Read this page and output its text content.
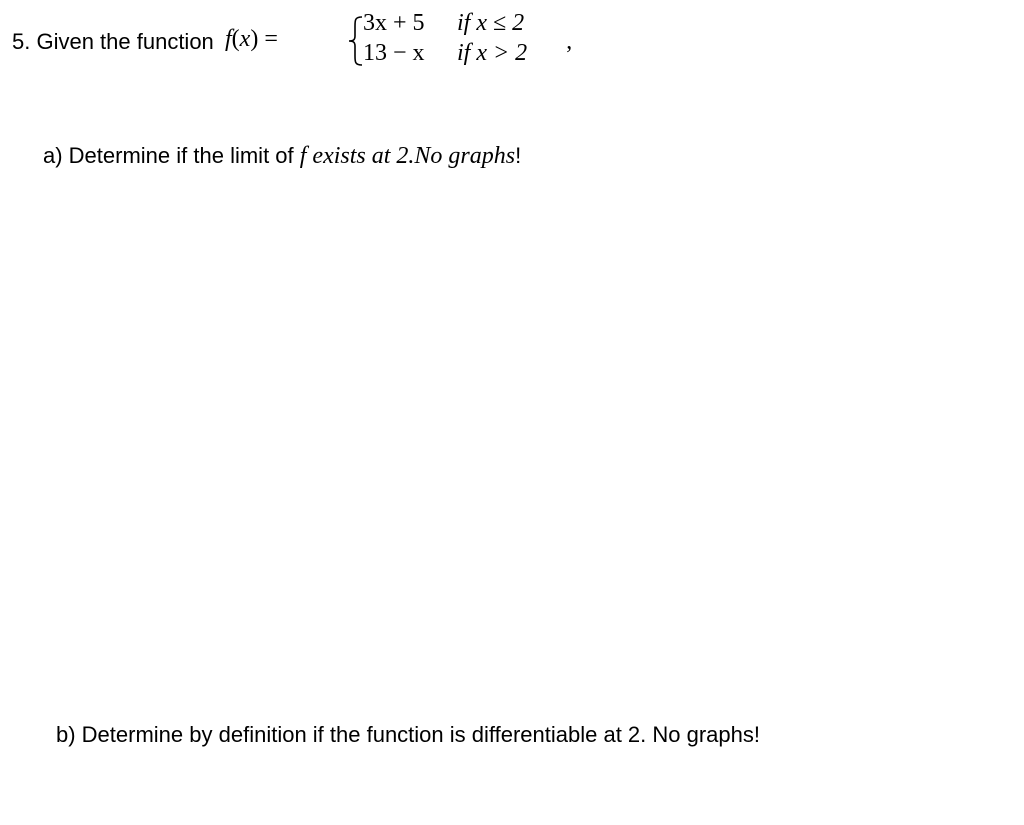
5. Given the function f(x) =
3x + 5 if x ≤ 2
13 − x if x > 2 ’
a) Determine if the limit of f exists at 2.No graphs!
b) Determine by definition if the function is differentiable at 2. No graphs!
